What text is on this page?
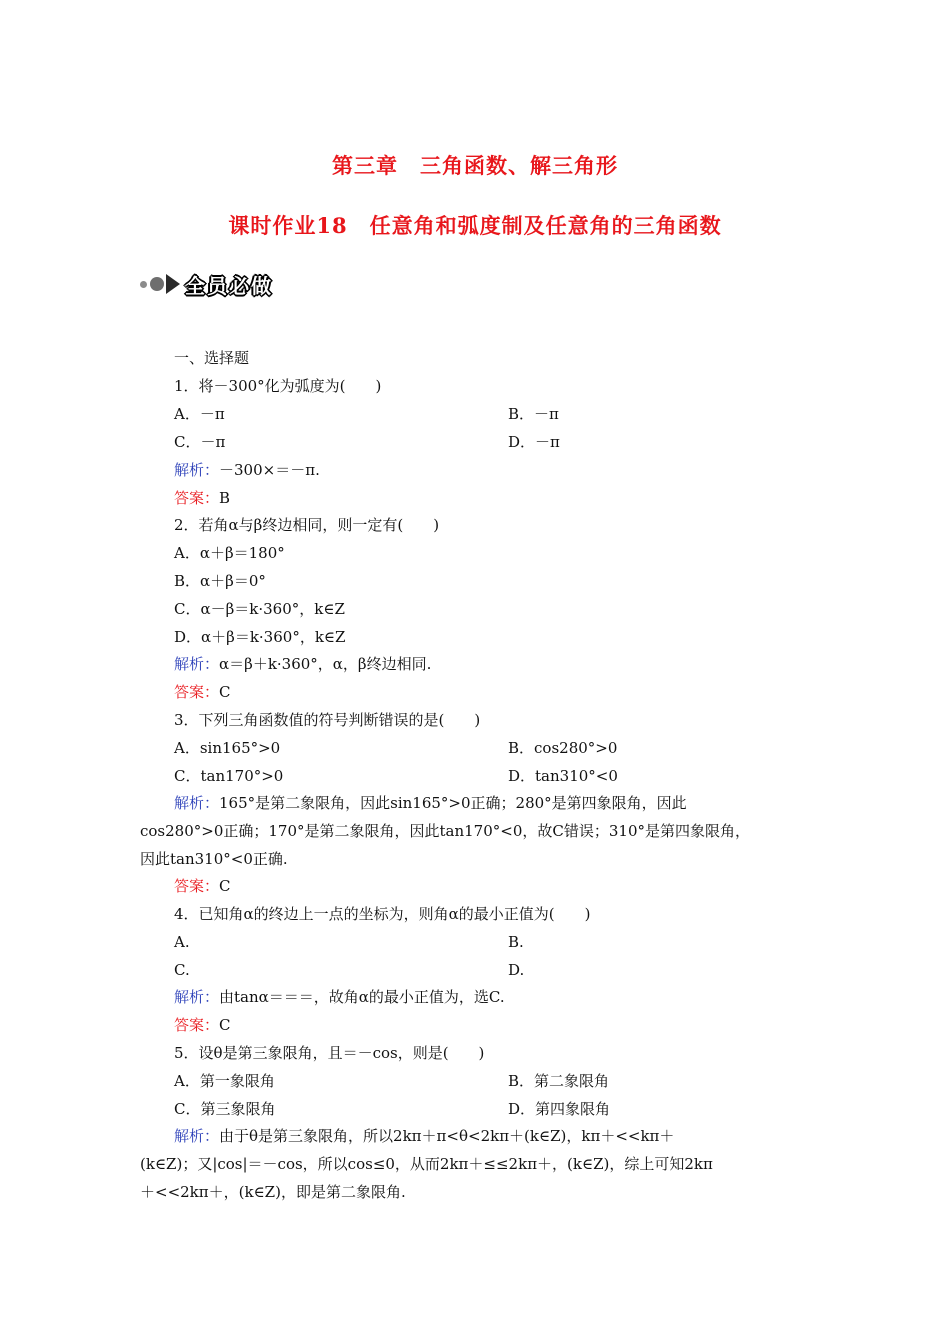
第三章　三角函数、解三角形
课时作业18　任意角和弧度制及任意角的三角函数
全员必做
一、选择题
1．将－300°化为弧度为(　　)
A．－π	B．－π
C．－π	D．－π
解析：－300×＝－π.
答案：B
2．若角α与β终边相同，则一定有(　　)
A．α＋β＝180°
B．α＋β＝0°
C．α－β＝k·360°，k∈Z
D．α＋β＝k·360°，k∈Z
解析：α＝β＋k·360°，α，β终边相同.
答案：C
3．下列三角函数值的符号判断错误的是(　　)
A．sin165°>0	B．cos280°>0
C．tan170°>0	D．tan310°<0
解析：165°是第二象限角，因此sin165°>0正确；280°是第四象限角，因此
cos280°>0正确；170°是第二象限角，因此tan170°<0，故C错误；310°是第四象限角，
因此tan310°<0正确.
答案：C
4．已知角α的终边上一点的坐标为，则角α的最小正值为(　　)
A.	B.
C.	D.
解析：由tanα＝＝＝，故角α的最小正值为，选C.
答案：C
5．设θ是第三象限角，且＝－cos，则是(　　)
A．第一象限角	B．第二象限角
C．第三象限角	D．第四象限角
解析：由于θ是第三象限角，所以2kπ＋π<θ<2kπ＋(k∈Z)，kπ＋<<kπ＋
(k∈Z)；又|cos|＝－cos，所以cos≤0，从而2kπ＋≤≤2kπ＋，(k∈Z)，综上可知2kπ
＋<<2kπ＋，(k∈Z)，即是第二象限角.
